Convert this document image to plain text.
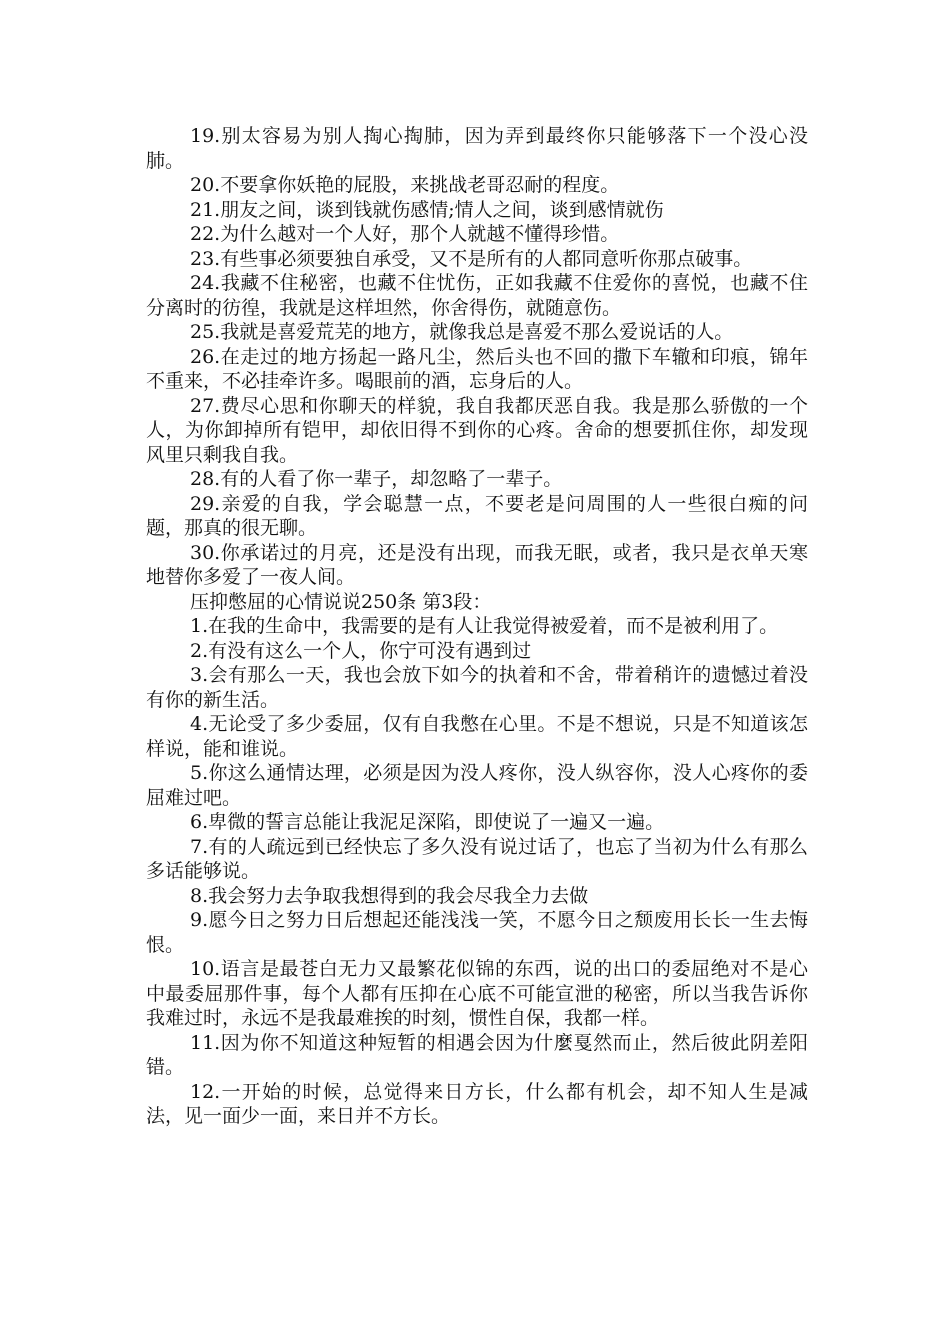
19.别太容易为别人掏心掏肺，因为弄到最终你只能够落下一个没心没肺。

20.不要拿你妖艳的屁股，来挑战老哥忍耐的程度。

21.朋友之间，谈到钱就伤感情;情人之间，谈到感情就伤

22.为什么越对一个人好，那个人就越不懂得珍惜。

23.有些事必须要独自承受，又不是所有的人都同意听你那点破事。

24.我藏不住秘密，也藏不住忧伤，正如我藏不住爱你的喜悦，也藏不住分离时的彷徨，我就是这样坦然，你舍得伤，就随意伤。

25.我就是喜爱荒芜的地方，就像我总是喜爱不那么爱说话的人。

26.在走过的地方扬起一路凡尘，然后头也不回的撒下车辙和印痕，锦年不重来，不必挂牵许多。喝眼前的酒，忘身后的人。

27.费尽心思和你聊天的样貌，我自我都厌恶自我。我是那么骄傲的一个人，为你卸掉所有铠甲，却依旧得不到你的心疼。舍命的想要抓住你，却发现风里只剩我自我。

28.有的人看了你一辈子，却忽略了一辈子。

29.亲爱的自我，学会聪慧一点，不要老是问周围的人一些很白痴的问题，那真的很无聊。

30.你承诺过的月亮，还是没有出现，而我无眠，或者，我只是衣单天寒地替你多爱了一夜人间。

压抑憋屈的心情说说250条 第3段：

1.在我的生命中，我需要的是有人让我觉得被爱着，而不是被利用了。

2.有没有这么一个人，你宁可没有遇到过

3.会有那么一天，我也会放下如今的执着和不舍，带着稍许的遗憾过着没有你的新生活。

4.无论受了多少委屈，仅有自我憋在心里。不是不想说，只是不知道该怎样说，能和谁说。

5.你这么通情达理，必须是因为没人疼你，没人纵容你，没人心疼你的委屈难过吧。

6.卑微的誓言总能让我泥足深陷，即使说了一遍又一遍。

7.有的人疏远到已经快忘了多久没有说过话了，也忘了当初为什么有那么多话能够说。

8.我会努力去争取我想得到的我会尽我全力去做

9.愿今日之努力日后想起还能浅浅一笑，不愿今日之颓废用长长一生去悔恨。

10.语言是最苍白无力又最繁花似锦的东西，说的出口的委屈绝对不是心中最委屈那件事，每个人都有压抑在心底不可能宣泄的秘密，所以当我告诉你我难过时，永远不是我最难挨的时刻，惯性自保，我都一样。

11.因为你不知道这种短暂的相遇会因为什麼戛然而止，然后彼此阴差阳错。

12.一开始的时候，总觉得来日方长，什么都有机会，却不知人生是减法，见一面少一面，来日并不方长。
